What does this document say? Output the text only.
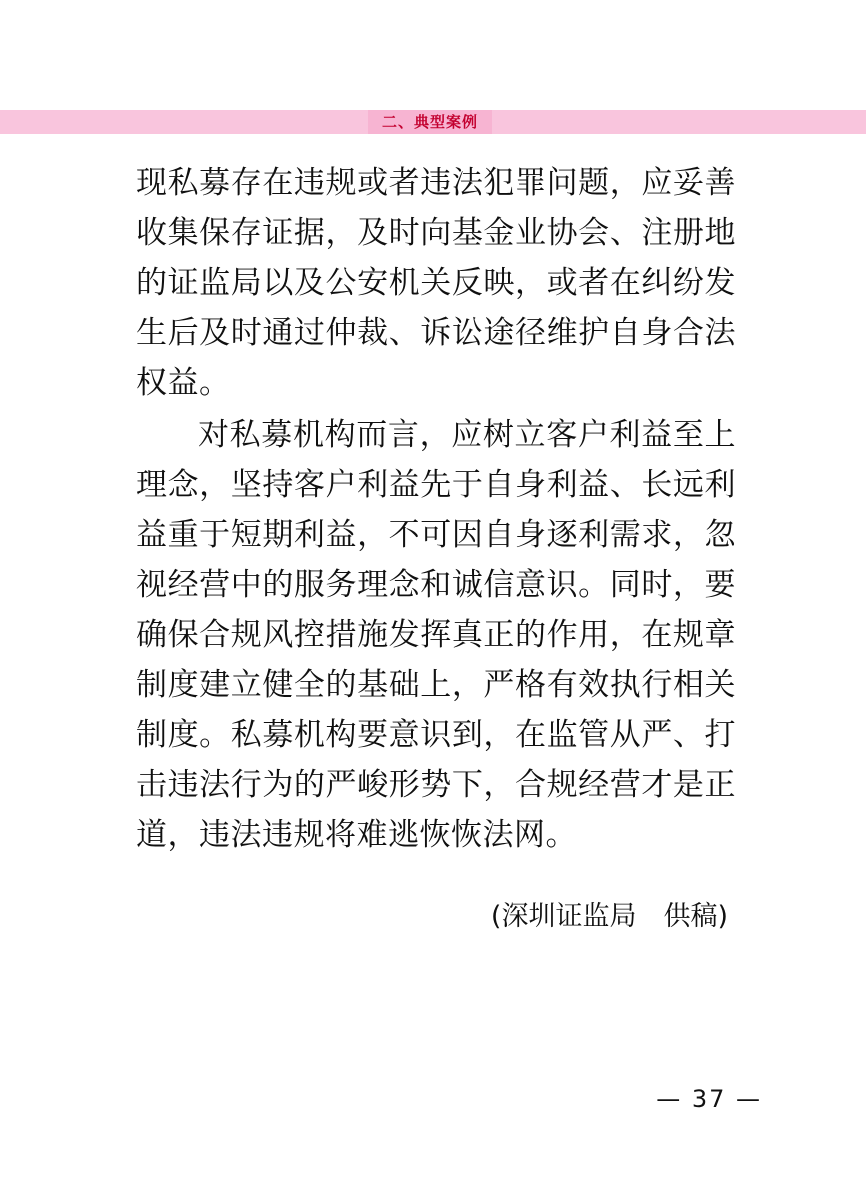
二、典型案例

现私募存在违规或者违法犯罪问题，应妥善收集保存证据，及时向基金业协会、注册地的证监局以及公安机关反映，或者在纠纷发生后及时通过仲裁、诉讼途径维护自身合法权益。

对私募机构而言，应树立客户利益至上理念，坚持客户利益先于自身利益、长远利益重于短期利益，不可因自身逐利需求，忽视经营中的服务理念和诚信意识。同时，要确保合规风控措施发挥真正的作用，在规章制度建立健全的基础上，严格有效执行相关制度。私募机构要意识到，在监管从严、打击违法行为的严峻形势下，合规经营才是正道，违法违规将难逃恢恢法网。

(深圳证监局　供稿)
— 37 —
